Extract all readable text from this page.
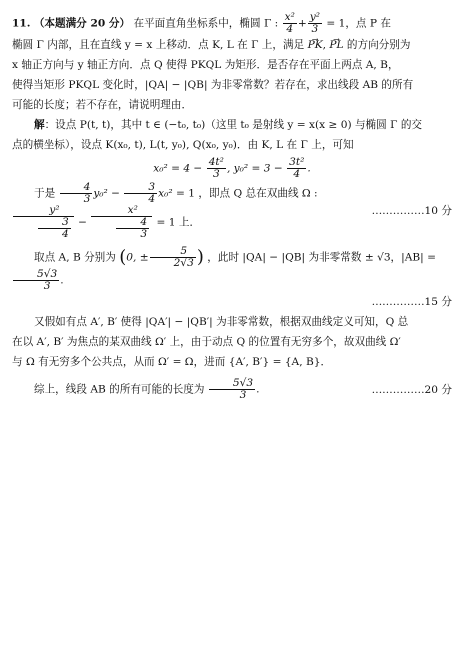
11. （本题满分 20 分） 在平面直角坐标系中，椭圆 Γ : $\frac{\text{x²}}{4} + \frac{\text{y²}}{3} = 1$，点 P 在
椭圆 Γ 内部，且在直线 y = x 上移动．点 K, L 在 Γ 上，满足 → PK, → PL 的方向分别为
x 轴正方向与 y 轴正方向．点 Q 使得 PKQL 为矩形．是否存在平面上两点 A, B，
使得当矩形 PKQL 变化时，|QA| − |QB| 为非零常数？若存在，求出线段 AB 的所有
可能的长度；若不存在，请说明理由．

解：设点 P(t, t)，其中 t ∈ (−t₀, t₀)（这里 t₀ 是射线 y = x(x ≥ 0) 与椭圆 Γ 的交

点的横坐标），设点 K(x₀, t), L(t, y₀), Q(x₀, y₀)．由 K, L 在 Γ 上，可知

$x_0^2 = 4 - \frac{\text{4t²}}{3}$ , $y_0^2 = 3 - \frac{\text{3t²}}{4}$ .
于是 $\frac{4}{3} y_0^2 - \frac{3}{4} x_0^2 = 1$ ，即点 Q 总在双曲线 Ω :
$\frac{\text{y²}}{\frac{3}{4}} - \frac{\text{x²}}{\frac{4}{3}} = 1$ 上．
……………10 分

取点 A, B 分别为 (0, ± $\frac{5}{2√3}$ ) ，此时 |QA| − |QB| 为非零常数 ± √3，|AB| =
$\frac{5√3}{3}$ .

……………15 分

又假如有点 A′, B′ 使得 |QA′| − |QB′| 为非零常数，根据双曲线定义可知，Q 总

在以 A′, B′ 为焦点的某双曲线 Ω′ 上，由于动点 Q 的位置有无穷多个，故双曲线 Ω′

与 Ω 有无穷多个公共点，从而 Ω′ = Ω，进而 {A′, B′} = {A, B}．

综上，线段 AB 的所有可能的长度为 $\frac{5√3}{3}$ .	……………20 分
